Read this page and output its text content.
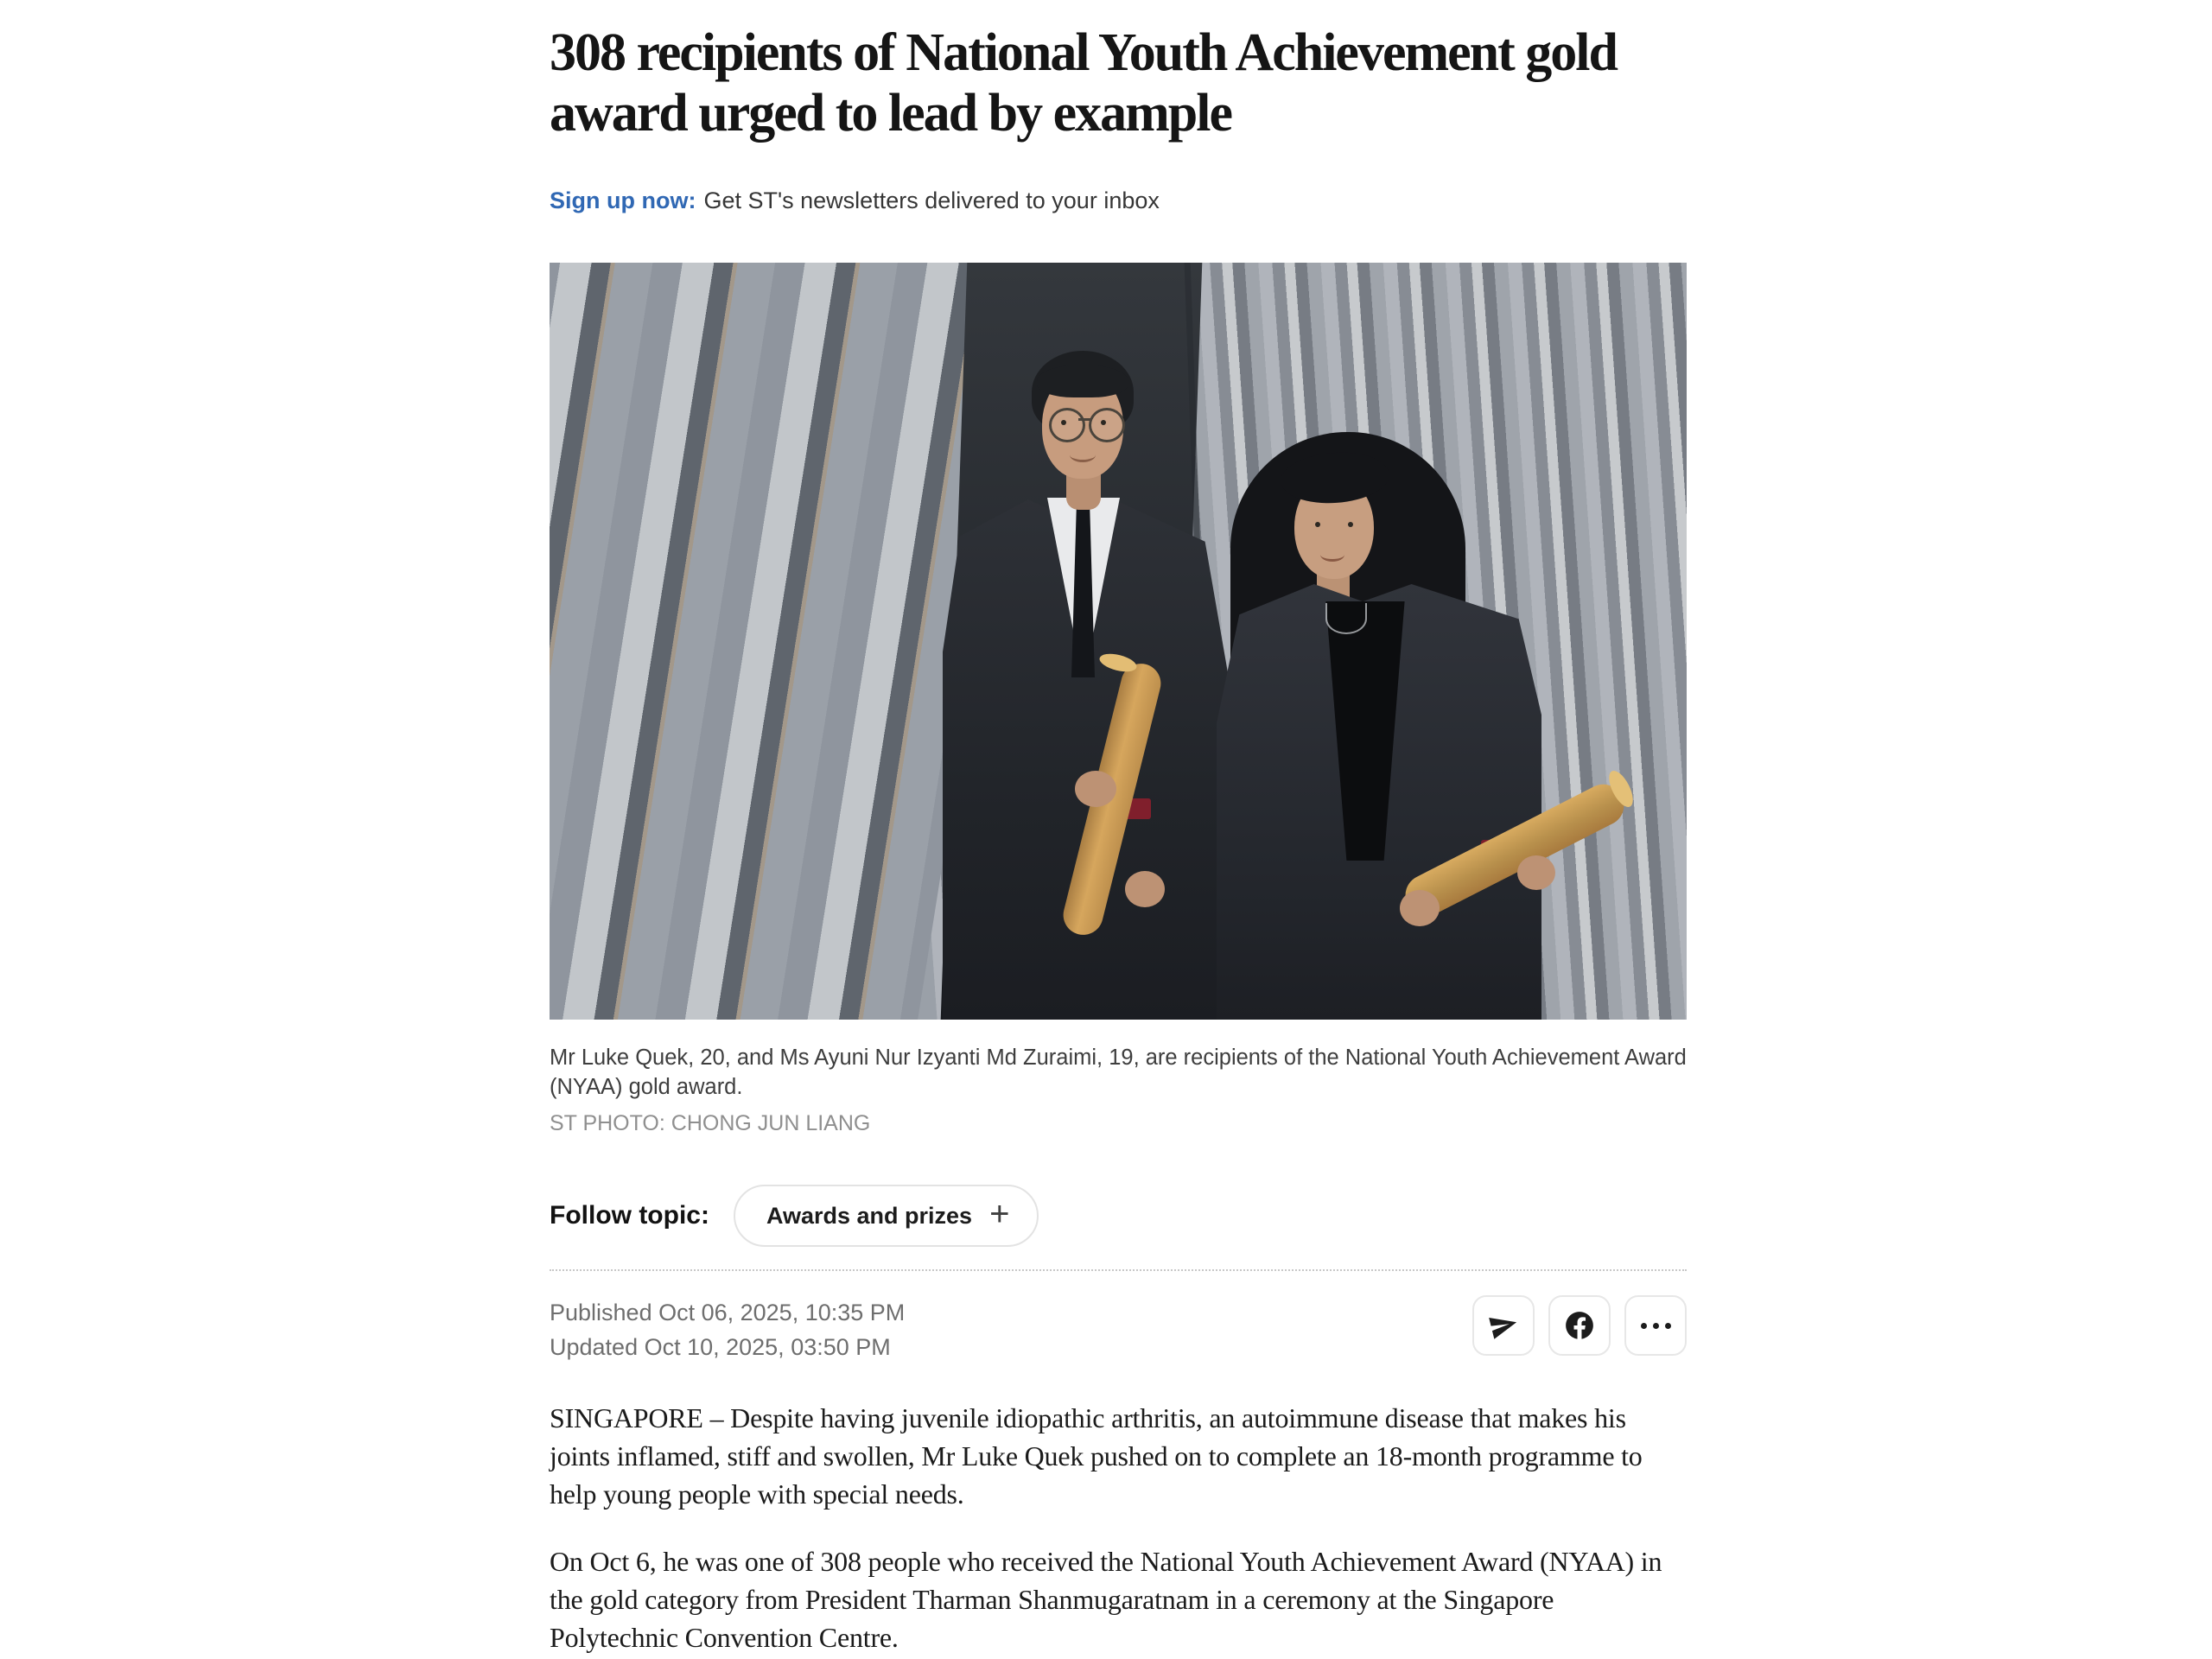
308 recipients of National Youth Achievement gold award urged to lead by example
Sign up now: Get ST's newsletters delivered to your inbox
Mr Luke Quek, 20, and Ms Ayuni Nur Izyanti Md Zuraimi, 19, are recipients of the National Youth Achievement Award (NYAA) gold award.
ST PHOTO: CHONG JUN LIANG
Follow topic: Awards and prizes +
Published Oct 06, 2025, 10:35 PM
Updated Oct 10, 2025, 03:50 PM

SINGAPORE – Despite having juvenile idiopathic arthritis, an autoimmune disease that makes his joints inflamed, stiff and swollen, Mr Luke Quek pushed on to complete an 18-month programme to help young people with special needs.

On Oct 6, he was one of 308 people who received the National Youth Achievement Award (NYAA) in the gold category from President Tharman Shanmugaratnam in a ceremony at the Singapore Polytechnic Convention Centre.
